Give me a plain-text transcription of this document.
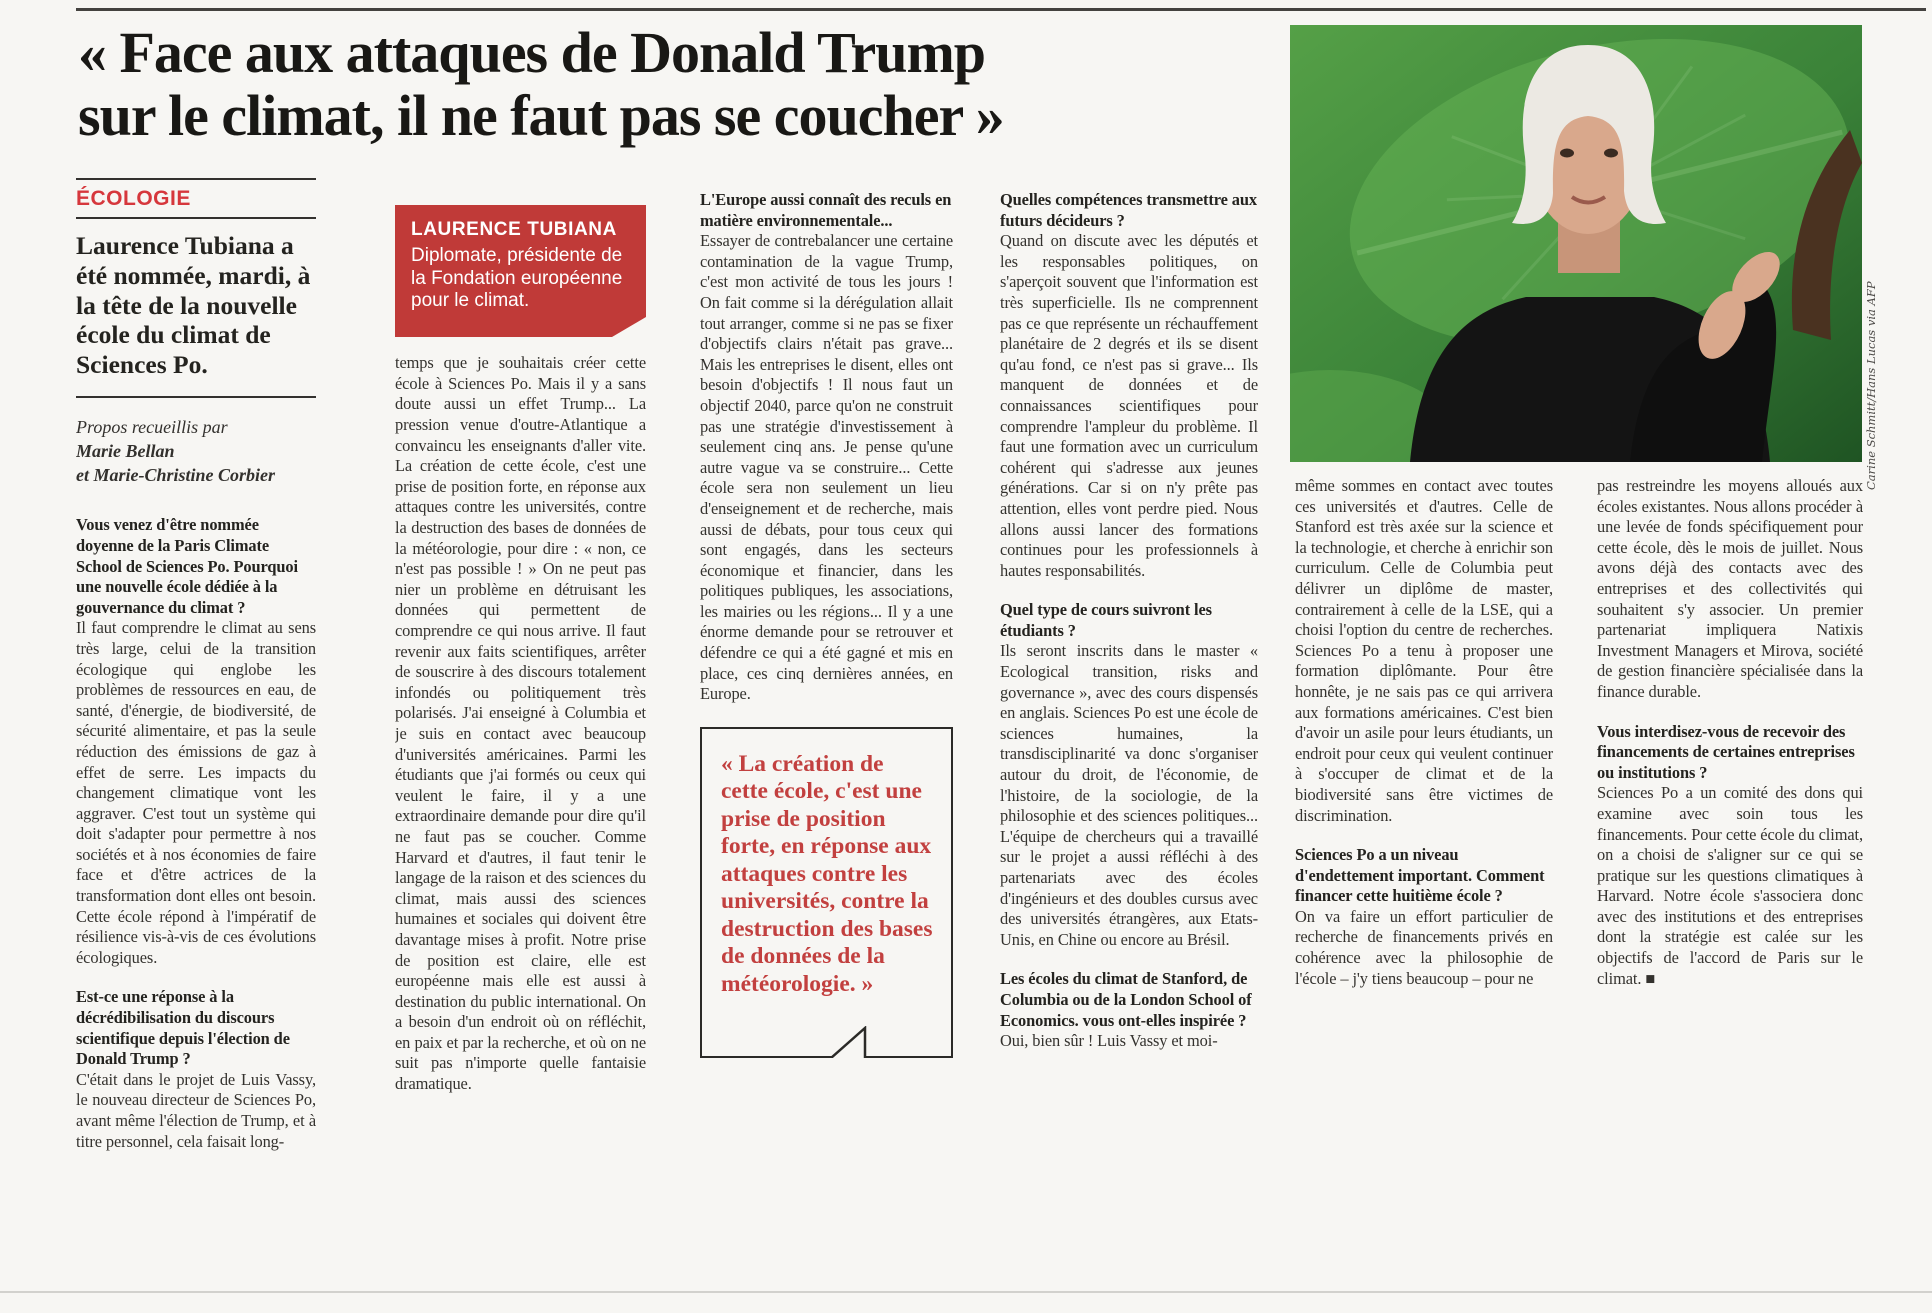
« Face aux attaques de Donald Trump sur le climat, il ne faut pas se coucher »
Carine Schmitt/Hans Lucas via AFP
ÉCOLOGIE
Laurence Tubiana a été nommée, mardi, à la tête de la nouvelle école du climat de Sciences Po.
Propos recueillis par
Marie Bellan
et Marie-Christine Corbier

Vous venez d'être nommée doyenne de la Paris Climate School de Sciences Po. Pourquoi une nouvelle école dédiée à la gouvernance du climat ?

Il faut comprendre le climat au sens très large, celui de la transition écologique qui englobe les problèmes de ressources en eau, de santé, d'énergie, de biodiversité, de sécurité alimentaire, et pas la seule réduction des émissions de gaz à effet de serre. Les impacts du changement climatique vont les aggraver. C'est tout un système qui doit s'adapter pour permettre à nos sociétés et à nos économies de faire face et d'être actrices de la transformation dont elles ont besoin. Cette école répond à l'impératif de résilience vis-à-vis de ces évolutions écologiques.

Est-ce une réponse à la décrédibilisation du discours scientifique depuis l'élection de Donald Trump ?

C'était dans le projet de Luis Vassy, le nouveau directeur de Sciences Po, avant même l'élection de Trump, et à titre personnel, cela faisait long-

LAURENCE TUBIANA
Diplomate, présidente de la Fondation européenne pour le climat.

temps que je souhaitais créer cette école à Sciences Po. Mais il y a sans doute aussi un effet Trump... La pression venue d'outre-Atlantique a convaincu les enseignants d'aller vite. La création de cette école, c'est une prise de position forte, en réponse aux attaques contre les universités, contre la destruction des bases de données de la météorologie, pour dire : « non, ce n'est pas possible ! » On ne peut pas nier un problème en détruisant les données qui permettent de comprendre ce qui nous arrive. Il faut revenir aux faits scientifiques, arrêter de souscrire à des discours totalement infondés ou politiquement très polarisés. J'ai enseigné à Columbia et je suis en contact avec beaucoup d'universités américaines. Parmi les étudiants que j'ai formés ou ceux qui veulent le faire, il y a une extraordinaire demande pour dire qu'il ne faut pas se coucher. Comme Harvard et d'autres, il faut tenir le langage de la raison et des sciences du climat, mais aussi des sciences humaines et sociales qui doivent être davantage mises à profit. Notre prise de position est claire, elle est européenne mais elle est aussi à destination du public international. On a besoin d'un endroit où on réfléchit, en paix et par la recherche, et où on ne suit pas n'importe quelle fantaisie dramatique.

L'Europe aussi connaît des reculs en matière environnementale...

Essayer de contrebalancer une certaine contamination de la vague Trump, c'est mon activité de tous les jours ! On fait comme si la dérégulation allait tout arranger, comme si ne pas se fixer d'objectifs clairs n'était pas grave... Mais les entreprises le disent, elles ont besoin d'objectifs ! Il nous faut un objectif 2040, parce qu'on ne construit pas une stratégie d'investissement à seulement cinq ans. Je pense qu'une autre vague va se construire... Cette école sera non seulement un lieu d'enseignement et de recherche, mais aussi de débats, pour tous ceux qui sont engagés, dans les secteurs économique et financier, dans les politiques publiques, les associations, les mairies ou les régions... Il y a une énorme demande pour se retrouver et défendre ce qui a été gagné et mis en place, ces cinq dernières années, en Europe.

« La création de cette école, c'est une prise de position forte, en réponse aux attaques contre les universités, contre la destruction des bases de données de la météorologie. »

Quelles compétences transmettre aux futurs décideurs ?

Quand on discute avec les députés et les responsables politiques, on s'aperçoit souvent que l'information est très superficielle. Ils ne comprennent pas ce que représente un réchauffement planétaire de 2 degrés et ils se disent qu'au fond, ce n'est pas si grave... Ils manquent de données et de connaissances scientifiques pour comprendre l'ampleur du problème. Il faut une formation avec un curriculum cohérent qui s'adresse aux jeunes générations. Car si on n'y prête pas attention, elles vont perdre pied. Nous allons aussi lancer des formations continues pour les professionnels à hautes responsabilités.

Quel type de cours suivront les étudiants ?

Ils seront inscrits dans le master « Ecological transition, risks and governance », avec des cours dispensés en anglais. Sciences Po est une école de sciences humaines, la transdisciplinarité va donc s'organiser autour du droit, de l'économie, de l'histoire, de la sociologie, de la philosophie et des sciences politiques... L'équipe de chercheurs qui a travaillé sur le projet a aussi réfléchi à des partenariats avec des écoles d'ingénieurs et des doubles cursus avec des universités étrangères, aux Etats-Unis, en Chine ou encore au Brésil.

Les écoles du climat de Stanford, de Columbia ou de la London School of Economics. vous ont-elles inspirée ?

Oui, bien sûr ! Luis Vassy et moi-

même sommes en contact avec toutes ces universités et d'autres. Celle de Stanford est très axée sur la science et la technologie, et cherche à enrichir son curriculum. Celle de Columbia peut délivrer un diplôme de master, contrairement à celle de la LSE, qui a choisi l'option du centre de recherches. Sciences Po a tenu à proposer une formation diplômante. Pour être honnête, je ne sais pas ce qui arrivera aux formations américaines. C'est bien d'avoir un asile pour leurs étudiants, un endroit pour ceux qui veulent continuer à s'occuper de climat et de la biodiversité sans être victimes de discrimination.

Sciences Po a un niveau d'endettement important. Comment financer cette huitième école ?

On va faire un effort particulier de recherche de financements privés en cohérence avec la philosophie de l'école – j'y tiens beaucoup – pour ne

pas restreindre les moyens alloués aux écoles existantes. Nous allons procéder à une levée de fonds spécifiquement pour cette école, dès le mois de juillet. Nous avons déjà des contacts avec des entreprises et des collectivités qui souhaitent s'y associer. Un premier partenariat impliquera Natixis Investment Managers et Mirova, société de gestion financière spécialisée dans la finance durable.

Vous interdisez-vous de recevoir des financements de certaines entreprises ou institutions ?

Sciences Po a un comité des dons qui examine avec soin tous les financements. Pour cette école du climat, on a choisi de s'aligner sur ce qui se pratique sur les questions climatiques à Harvard. Notre école s'associera donc avec des institutions et des entreprises dont la stratégie est calée sur les objectifs de l'accord de Paris sur le climat. ■
